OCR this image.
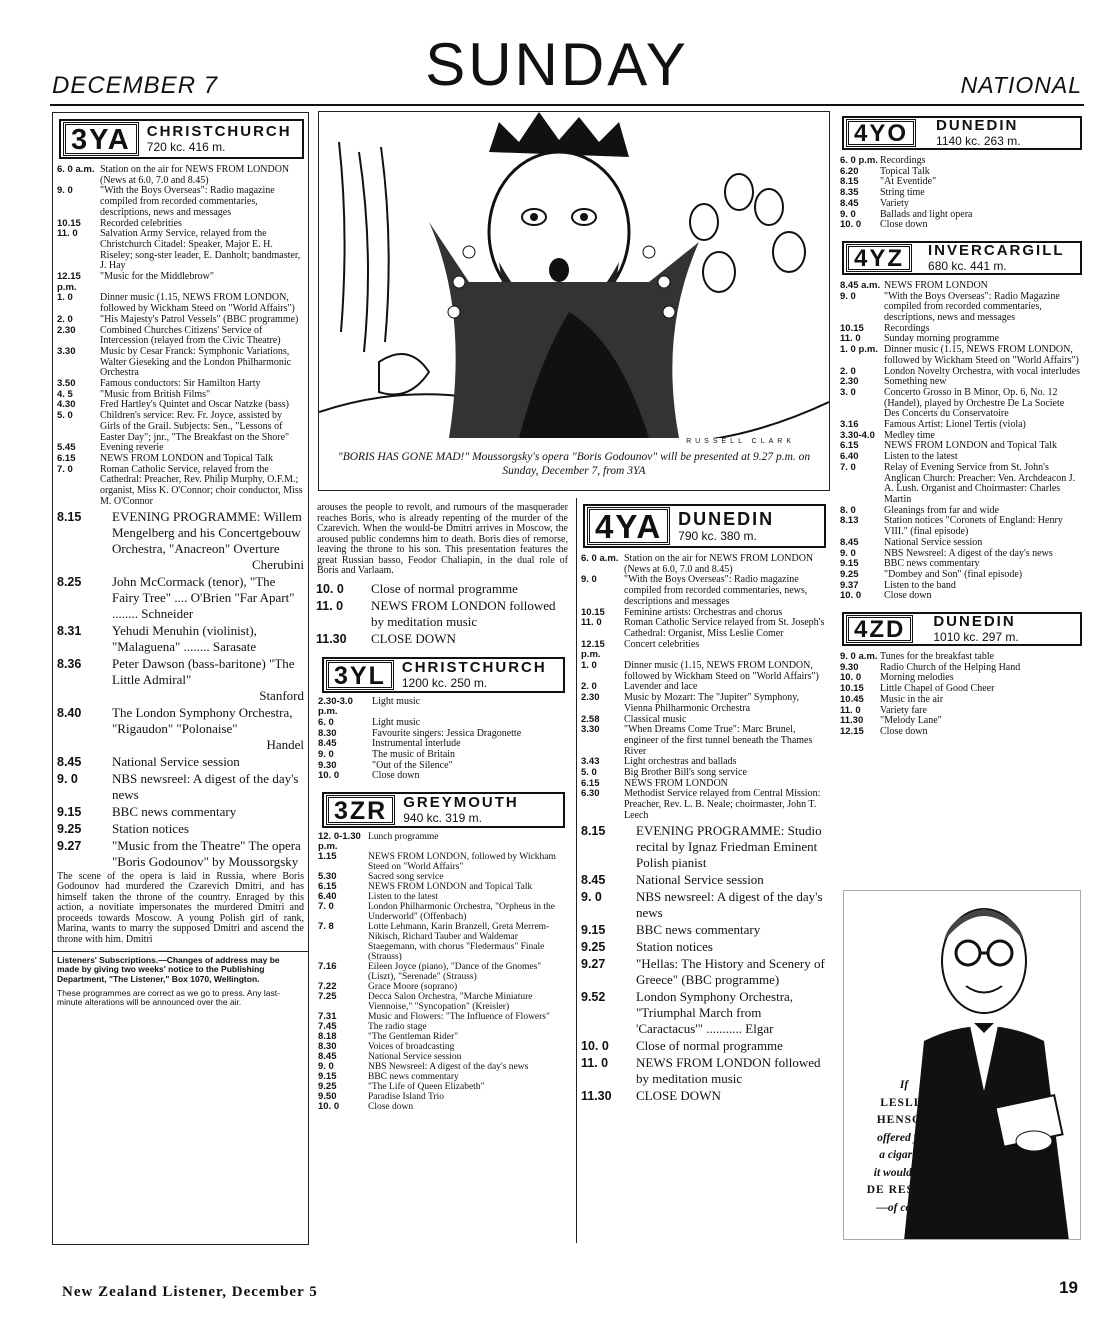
DECEMBER 7	SUNDAY	NATIONAL
3YA	CHRISTCHURCH
720 kc. 416 m.
6. 0 a.m. Station on the air for NEWS FROM LONDON (News at 6.0, 7.0 and 8.45)
9. 0	"With the Boys Overseas": Radio magazine compiled from recorded commentaries, descriptions, news and messages
10.15	Recorded celebrities
11. 0	Salvation Army Service, relayed from the Christchurch Citadel: Speaker, Major E. H. Riseley; song-ster leader, E. Danholt; bandmaster, J. Hay
12.15 p.m.
"Music for the Middlebrow"
1. 0	Dinner music (1.15, NEWS FROM LONDON, followed by Wickham Steed on "World Affairs")
2. 0	"His Majesty's Patrol Vessels" (BBC programme)
2.30	Combined Churches Citizens' Service of Intercession (relayed from the Civic Theatre)
3.30	Music by Cesar Franck: Symphonic Variations, Walter Gieseking and the London Philharmonic Orchestra
3.50	Famous conductors: Sir Hamilton Harty
4. 5	"Music from British Films"
4.30	Fred Hartley's Quintet and Oscar Natzke (bass)
5. 0	Children's service: Rev. Fr. Joyce, assisted by Girls of the Grail. Subjects: Sen., "Lessons of Easter Day"; jnr., "The Breakfast on the Shore"
5.45	Evening reverie
6.15	NEWS FROM LONDON and Topical Talk
7. 0	Roman Catholic Service, relayed from the Cathedral: Preacher, Rev. Philip Murphy, O.F.M.; organist, Miss K. O'Connor; choir conductor, Miss M. O'Connor
8.15	EVENING PROGRAMME: Willem Mengelberg and his Concertgebouw Orchestra, "Anacreon" Overture
Cherubini
8.25	John McCormack (tenor), "The Fairy Tree" .... O'Brien "Far Apart" ........ Schneider
8.31	Yehudi Menuhin (violinist), "Malaguena" ........ Sarasate
8.36	Peter Dawson (bass-baritone) "The Little Admiral"
Stanford
8.40	The London Symphony Orchestra, "Rigaudon" "Polonaise"
Handel
8.45	National Service session
9. 0	NBS newsreel: A digest of the day's news
9.15	BBC news commentary
9.25	Station notices
9.27	"Music from the Theatre" The opera "Boris Godounov" by Moussorgsky
The scene of the opera is laid in Russia, where Boris Godounov had murdered the Czarevich Dmitri, and has himself taken the throne of the country. Enraged by this action, a novitiate impersonates the murdered Dmitri and proceeds towards Moscow. A young Polish girl of rank, Marina, wants to marry the supposed Dmitri and ascend the throne with him. Dmitri

Listeners' Subscriptions.—Changes of address may be made by giving two weeks' notice to the Publishing Department, "The Listener," Box 1070, Wellington.

These programmes are correct as we go to press. Any last-minute alterations will be announced over the air.

RUSSELL CLARK
"BORIS HAS GONE MAD!" Moussorgsky's opera "Boris Godounov" will be presented at 9.27 p.m. on Sunday, December 7, from 3YA
arouses the people to revolt, and rumours of the masquerader reaches Boris, who is already repenting of the murder of the Czarevich. When the would-be Dmitri arrives in Moscow, the aroused public condemns him to death. Boris dies of remorse, leaving the throne to his son. This presentation features the great Russian basso, Feodor Chaliapin, in the dual role of Boris and Varlaam.
10. 0	Close of normal programme
11. 0	NEWS FROM LONDON followed by meditation music
11.30	CLOSE DOWN
3YL	CHRISTCHURCH
1200 kc. 250 m.
2.30-3.0 p.m.
Light music
6. 0	Light music
8.30	Favourite singers: Jessica Dragonette
8.45	Instrumental interlude
9. 0	The music of Britain
9.30	"Out of the Silence"
10. 0	Close down
3ZR	GREYMOUTH
940 kc. 319 m.
12. 0-1.30 p.m.
Lunch programme
1.15	NEWS FROM LONDON, followed by Wickham Steed on "World Affairs"
5.30	Sacred song service
6.15	NEWS FROM LONDON and Topical Talk
6.40	Listen to the latest
7. 0	London Philharmonic Orchestra, "Orpheus in the Underworld" (Offenbach)
7. 8	Lotte Lehmann, Karin Branzell, Greta Merrem-Nikisch, Richard Tauber and Waldemar Staegemann, with chorus "Fledermaus" Finale (Strauss)
7.16	Eileen Joyce (piano), "Dance of the Gnomes" (Liszt), "Serenade" (Strauss)
7.22	Grace Moore (soprano)
7.25	Decca Salon Orchestra, "Marche Miniature Viennoise," "Syncopation" (Kreisler)
7.31	Music and Flowers: "The Influence of Flowers"
7.45	The radio stage
8.18	"The Gentleman Rider"
8.30	Voices of broadcasting
8.45	National Service session
9. 0	NBS Newsreel: A digest of the day's news
9.15	BBC news commentary
9.25	"The Life of Queen Elizabeth"
9.50	Paradise Island Trio
10. 0	Close down
4YA DUNEDIN
790 kc. 380 m.
6. 0 a.m. Station on the air for NEWS FROM LONDON (News at 6.0, 7.0 and 8.45)
9. 0	"With the Boys Overseas": Radio magazine compiled from recorded commentaries, news, descriptions and messages
10.15	Feminine artists: Orchestras and chorus
11. 0	Roman Catholic Service relayed from St. Joseph's Cathedral: Organist, Miss Leslie Comer
12.15 p.m.
Concert celebrities
1. 0	Dinner music (1.15, NEWS FROM LONDON, followed by Wickham Steed on "World Affairs")
2. 0	Lavender and lace
2.30	Music by Mozart: The "Jupiter" Symphony, Vienna Philharmonic Orchestra
2.58	Classical music
3.30	"When Dreams Come True": Marc Brunel, engineer of the first tunnel beneath the Thames River
3.43	Light orchestras and ballads
5. 0	Big Brother Bill's song service
6.15	NEWS FROM LONDON
6.30	Methodist Service relayed from Central Mission: Preacher, Rev. L. B. Neale; choirmaster, John T. Leech
8.15	EVENING PROGRAMME: Studio recital by Ignaz Friedman Eminent Polish pianist
8.45	National Service session
9. 0	NBS newsreel: A digest of the day's news
9.15	BBC news commentary
9.25	Station notices
9.27	"Hellas: The History and Scenery of Greece" (BBC programme)
9.52	London Symphony Orchestra, "Triumphal March from 'Caractacus'" ........... Elgar
10. 0	Close of normal programme
11. 0	NEWS FROM LONDON followed by meditation music
11.30	CLOSE DOWN
4YO	DUNEDIN
1140 kc. 263 m.
6. 0 p.m. Recordings
6.20	Topical Talk
8.15	"At Eventide"
8.35	String time
8.45	Variety
9. 0	Ballads and light opera
10. 0	Close down
4YZ	INVERCARGILL
680 kc. 441 m.
8.45 a.m. NEWS FROM LONDON
9. 0	"With the Boys Overseas": Radio Magazine compiled from recorded commentaries, descriptions, news and messages
10.15	Recordings
11. 0	Sunday morning programme
1. 0 p.m. Dinner music (1.15, NEWS FROM LONDON, followed by Wickham Steed on "World Affairs")
2. 0	London Novelty Orchestra, with vocal interludes
2.30	Something new
3. 0	Concerto Grosso in B Minor, Op. 6, No. 12 (Handel), played by Orchestre De La Societe Des Concerts du Conservatoire
3.16	Famous Artist: Lionel Tertis (viola)
3.30-4.0 Medley time
6.15	NEWS FROM LONDON and Topical Talk
6.40	Listen to the latest
7. 0	Relay of Evening Service from St. John's Anglican Church: Preacher: Ven. Archdeacon J. A. Lush. Organist and Choirmaster: Charles Martin
8. 0	Gleanings from far and wide
8.13	Station notices "Coronets of England: Henry VIII." (final episode)
8.45	National Service session
9. 0	NBS Newsreel: A digest of the day's news
9.15	BBC news commentary
9.25	"Dombey and Son" (final episode)
9.37	Listen to the band
10. 0	Close down
4ZD	DUNEDIN
1010 kc. 297 m.
9. 0 a.m. Tunes for the breakfast table
9.30	Radio Church of the Helping Hand
10. 0	Morning melodies
10.15	Little Chapel of Good Cheer
10.45	Music in the air
11. 0	Variety fare
11.30	"Melody Lane"
12.15	Close down
If
LESLIE
HENSON
offered you
a cigarette
it would be a
DE RESZKE
—of course
New Zealand Listener, December 5	19
